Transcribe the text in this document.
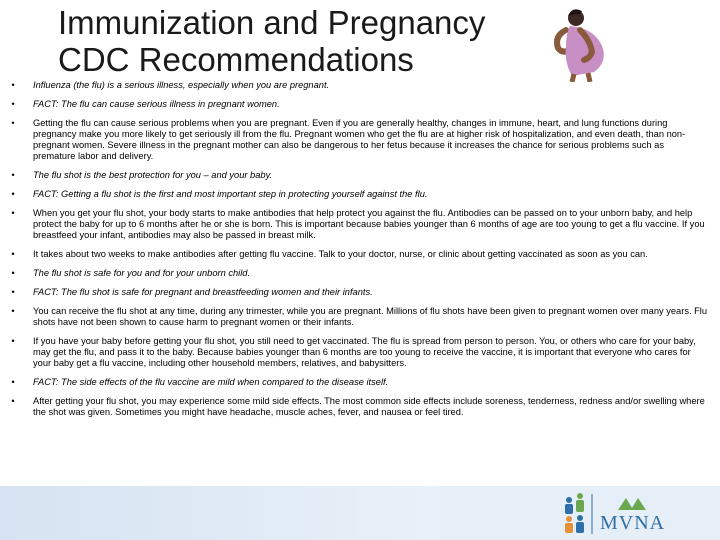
Immunization and Pregnancy
CDC Recommendations
•	Influenza (the flu) is a serious illness, especially when you are pregnant.
•	FACT: The flu can cause serious illness in pregnant women.
•	Getting the flu can cause serious problems when you are pregnant. Even if you are generally healthy, changes in immune, heart, and lung functions during pregnancy make you more likely to get seriously ill from the flu. Pregnant women who get the flu are at higher risk of hospitalization, and even death, than non-pregnant women. Severe illness in the pregnant mother can also be dangerous to her fetus because it increases the chance for serious problems such as premature labor and delivery.
•	The flu shot is the best protection for you – and your baby.
•	FACT: Getting a flu shot is the first and most important step in protecting yourself against the flu.
•	When you get your flu shot, your body starts to make antibodies that help protect you against the flu. Antibodies can be passed on to your unborn baby, and help protect the baby for up to 6 months after he or she is born. This is important because babies younger than 6 months of age are too young to get a flu vaccine. If you breastfeed your infant, antibodies may also be passed in breast milk.
•	It takes about two weeks to make antibodies after getting flu vaccine. Talk to your doctor, nurse, or clinic about getting vaccinated as soon as you can.
•	The flu shot is safe for you and for your unborn child.
•	FACT: The flu shot is safe for pregnant and breastfeeding women and their infants.
•	You can receive the flu shot at any time, during any trimester, while you are pregnant. Millions of flu shots have been given to pregnant women over many years. Flu shots have not been shown to cause harm to pregnant women or their infants.
•	If you have your baby before getting your flu shot, you still need to get vaccinated. The flu is spread from person to person. You, or others who care for your baby, may get the flu, and pass it to the baby. Because babies younger than 6 months are too young to receive the vaccine, it is important that everyone who cares for your baby get a flu vaccine, including other household members, relatives, and babysitters.
•	FACT: The side effects of the flu vaccine are mild when compared to the disease itself.
•	After getting your flu shot, you may experience some mild side effects. The most common side effects include soreness, tenderness, redness and/or swelling where the shot was given. Sometimes you might have headache, muscle aches, fever, and nausea or feel tired.
MVNA
